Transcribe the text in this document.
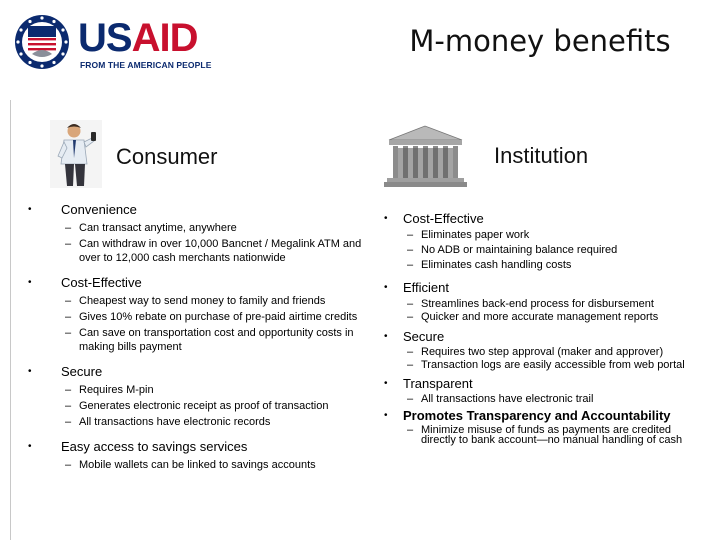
USAID
FROM THE AMERICAN PEOPLE
M-money benefits
Consumer	Institution
• Convenience
– Can transact anytime, anywhere
– Can withdraw in over 10,000 Bancnet / Megalink ATM and over to 12,000 cash merchants nationwide
• Cost-Effective
– Cheapest way to send money to family and friends
– Gives 10% rebate on purchase of pre-paid airtime credits
– Can save on transportation cost and opportunity costs in making bills payment
• Secure
– Requires M-pin
– Generates electronic receipt as proof of transaction
– All transactions have electronic records
• Easy access to savings services
– Mobile wallets can be linked to savings accounts
• Cost-Effective
– Eliminates paper work
– No ADB or maintaining balance required
– Eliminates cash handling costs
• Efficient
– Streamlines back-end process for disbursement
– Quicker and more accurate management reports
• Secure
– Requires two step approval (maker and approver)
– Transaction logs are easily accessible from web portal
• Transparent
– All transactions have electronic trail
• Promotes Transparency and Accountability
– Minimize misuse of funds as payments are credited directly to bank account—no manual handling of cash
